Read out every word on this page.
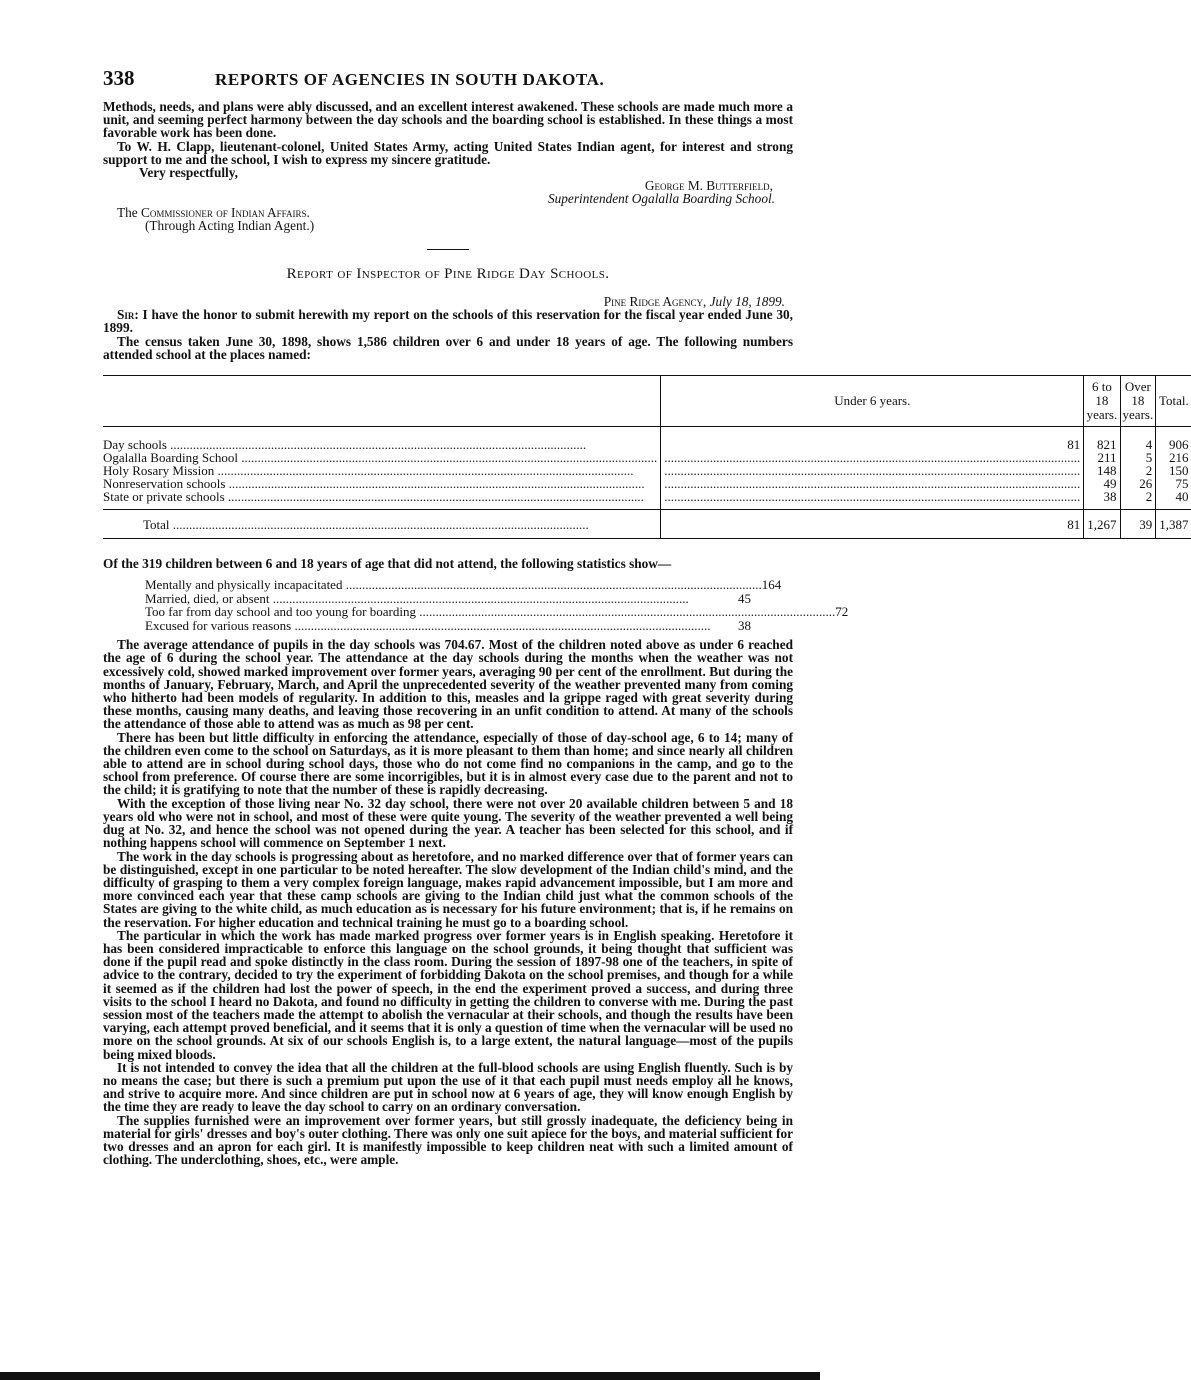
338	REPORTS OF AGENCIES IN SOUTH DAKOTA.

Methods, needs, and plans were ably discussed, and an excellent interest awakened. These schools are made much more a unit, and seeming perfect harmony between the day schools and the boarding school is established. In these things a most favorable work has been done.

To W. H. Clapp, lieutenant-colonel, United States Army, acting United States Indian agent, for interest and strong support to me and the school, I wish to express my sincere gratitude.

Very respectfully,

George M. Butterfield,

Superintendent Ogalalla Boarding School.

The Commissioner of Indian Affairs.

(Through Acting Indian Agent.)

Report of Inspector of Pine Ridge Day Schools.

Pine Ridge Agency, July 18, 1899.

Sir: I have the honor to submit herewith my report on the schools of this reservation for the fiscal year ended June 30, 1899.

The census taken June 30, 1898, shows 1,586 children over 6 and under 18 years of age. The following numbers attended school at the places named:

	Under 6 years.	6 to 18 years.	Over 18 years.	Total.
Day schools .....	81	821	4	906
Ogalalla Boarding School .....	.....	211	5	216
Holy Rosary Mission .....	.....	148	2	150
Nonreservation schools .....	.....	49	26	75
State or private schools .....	.....	38	2	40
Total .....	81	1,267	39	1,387

Of the 319 children between 6 and 18 years of age that did not attend, the following statistics show—

Mentally and physically incapacitated .....	164
Married, died, or absent .....	45
Too far from day school and too young for boarding .....	72
Excused for various reasons .....	38

The average attendance of pupils in the day schools was 704.67. Most of the children noted above as under 6 reached the age of 6 during the school year. The attendance at the day schools during the months when the weather was not excessively cold, showed marked improvement over former years, averaging 90 per cent of the enrollment. But during the months of January, February, March, and April the unprecedented severity of the weather prevented many from coming who hitherto had been models of regularity. In addition to this, measles and la grippe raged with great severity during these months, causing many deaths, and leaving those recovering in an unfit condition to attend. At many of the schools the attendance of those able to attend was as much as 98 per cent.

There has been but little difficulty in enforcing the attendance, especially of those of day-school age, 6 to 14; many of the children even come to the school on Saturdays, as it is more pleasant to them than home; and since nearly all children able to attend are in school during school days, those who do not come find no companions in the camp, and go to the school from preference. Of course there are some incorrigibles, but it is in almost every case due to the parent and not to the child; it is gratifying to note that the number of these is rapidly decreasing.

With the exception of those living near No. 32 day school, there were not over 20 available children between 5 and 18 years old who were not in school, and most of these were quite young. The severity of the weather prevented a well being dug at No. 32, and hence the school was not opened during the year. A teacher has been selected for this school, and if nothing happens school will commence on September 1 next.

The work in the day schools is progressing about as heretofore, and no marked difference over that of former years can be distinguished, except in one particular to be noted hereafter. The slow development of the Indian child's mind, and the difficulty of grasping to them a very complex foreign language, makes rapid advancement impossible, but I am more and more convinced each year that these camp schools are giving to the Indian child just what the common schools of the States are giving to the white child, as much education as is necessary for his future environment; that is, if he remains on the reservation. For higher education and technical training he must go to a boarding school.

The particular in which the work has made marked progress over former years is in English speaking. Heretofore it has been considered impracticable to enforce this language on the school grounds, it being thought that sufficient was done if the pupil read and spoke distinctly in the class room. During the session of 1897-98 one of the teachers, in spite of advice to the contrary, decided to try the experiment of forbidding Dakota on the school premises, and though for a while it seemed as if the children had lost the power of speech, in the end the experiment proved a success, and during three visits to the school I heard no Dakota, and found no difficulty in getting the children to converse with me. During the past session most of the teachers made the attempt to abolish the vernacular at their schools, and though the results have been varying, each attempt proved beneficial, and it seems that it is only a question of time when the vernacular will be used no more on the school grounds. At six of our schools English is, to a large extent, the natural language—most of the pupils being mixed bloods.

It is not intended to convey the idea that all the children at the full-blood schools are using English fluently. Such is by no means the case; but there is such a premium put upon the use of it that each pupil must needs employ all he knows, and strive to acquire more. And since children are put in school now at 6 years of age, they will know enough English by the time they are ready to leave the day school to carry on an ordinary conversation.

The supplies furnished were an improvement over former years, but still grossly inadequate, the deficiency being in material for girls' dresses and boy's outer clothing. There was only one suit apiece for the boys, and material sufficient for two dresses and an apron for each girl. It is manifestly impossible to keep children neat with such a limited amount of clothing. The underclothing, shoes, etc., were ample.
